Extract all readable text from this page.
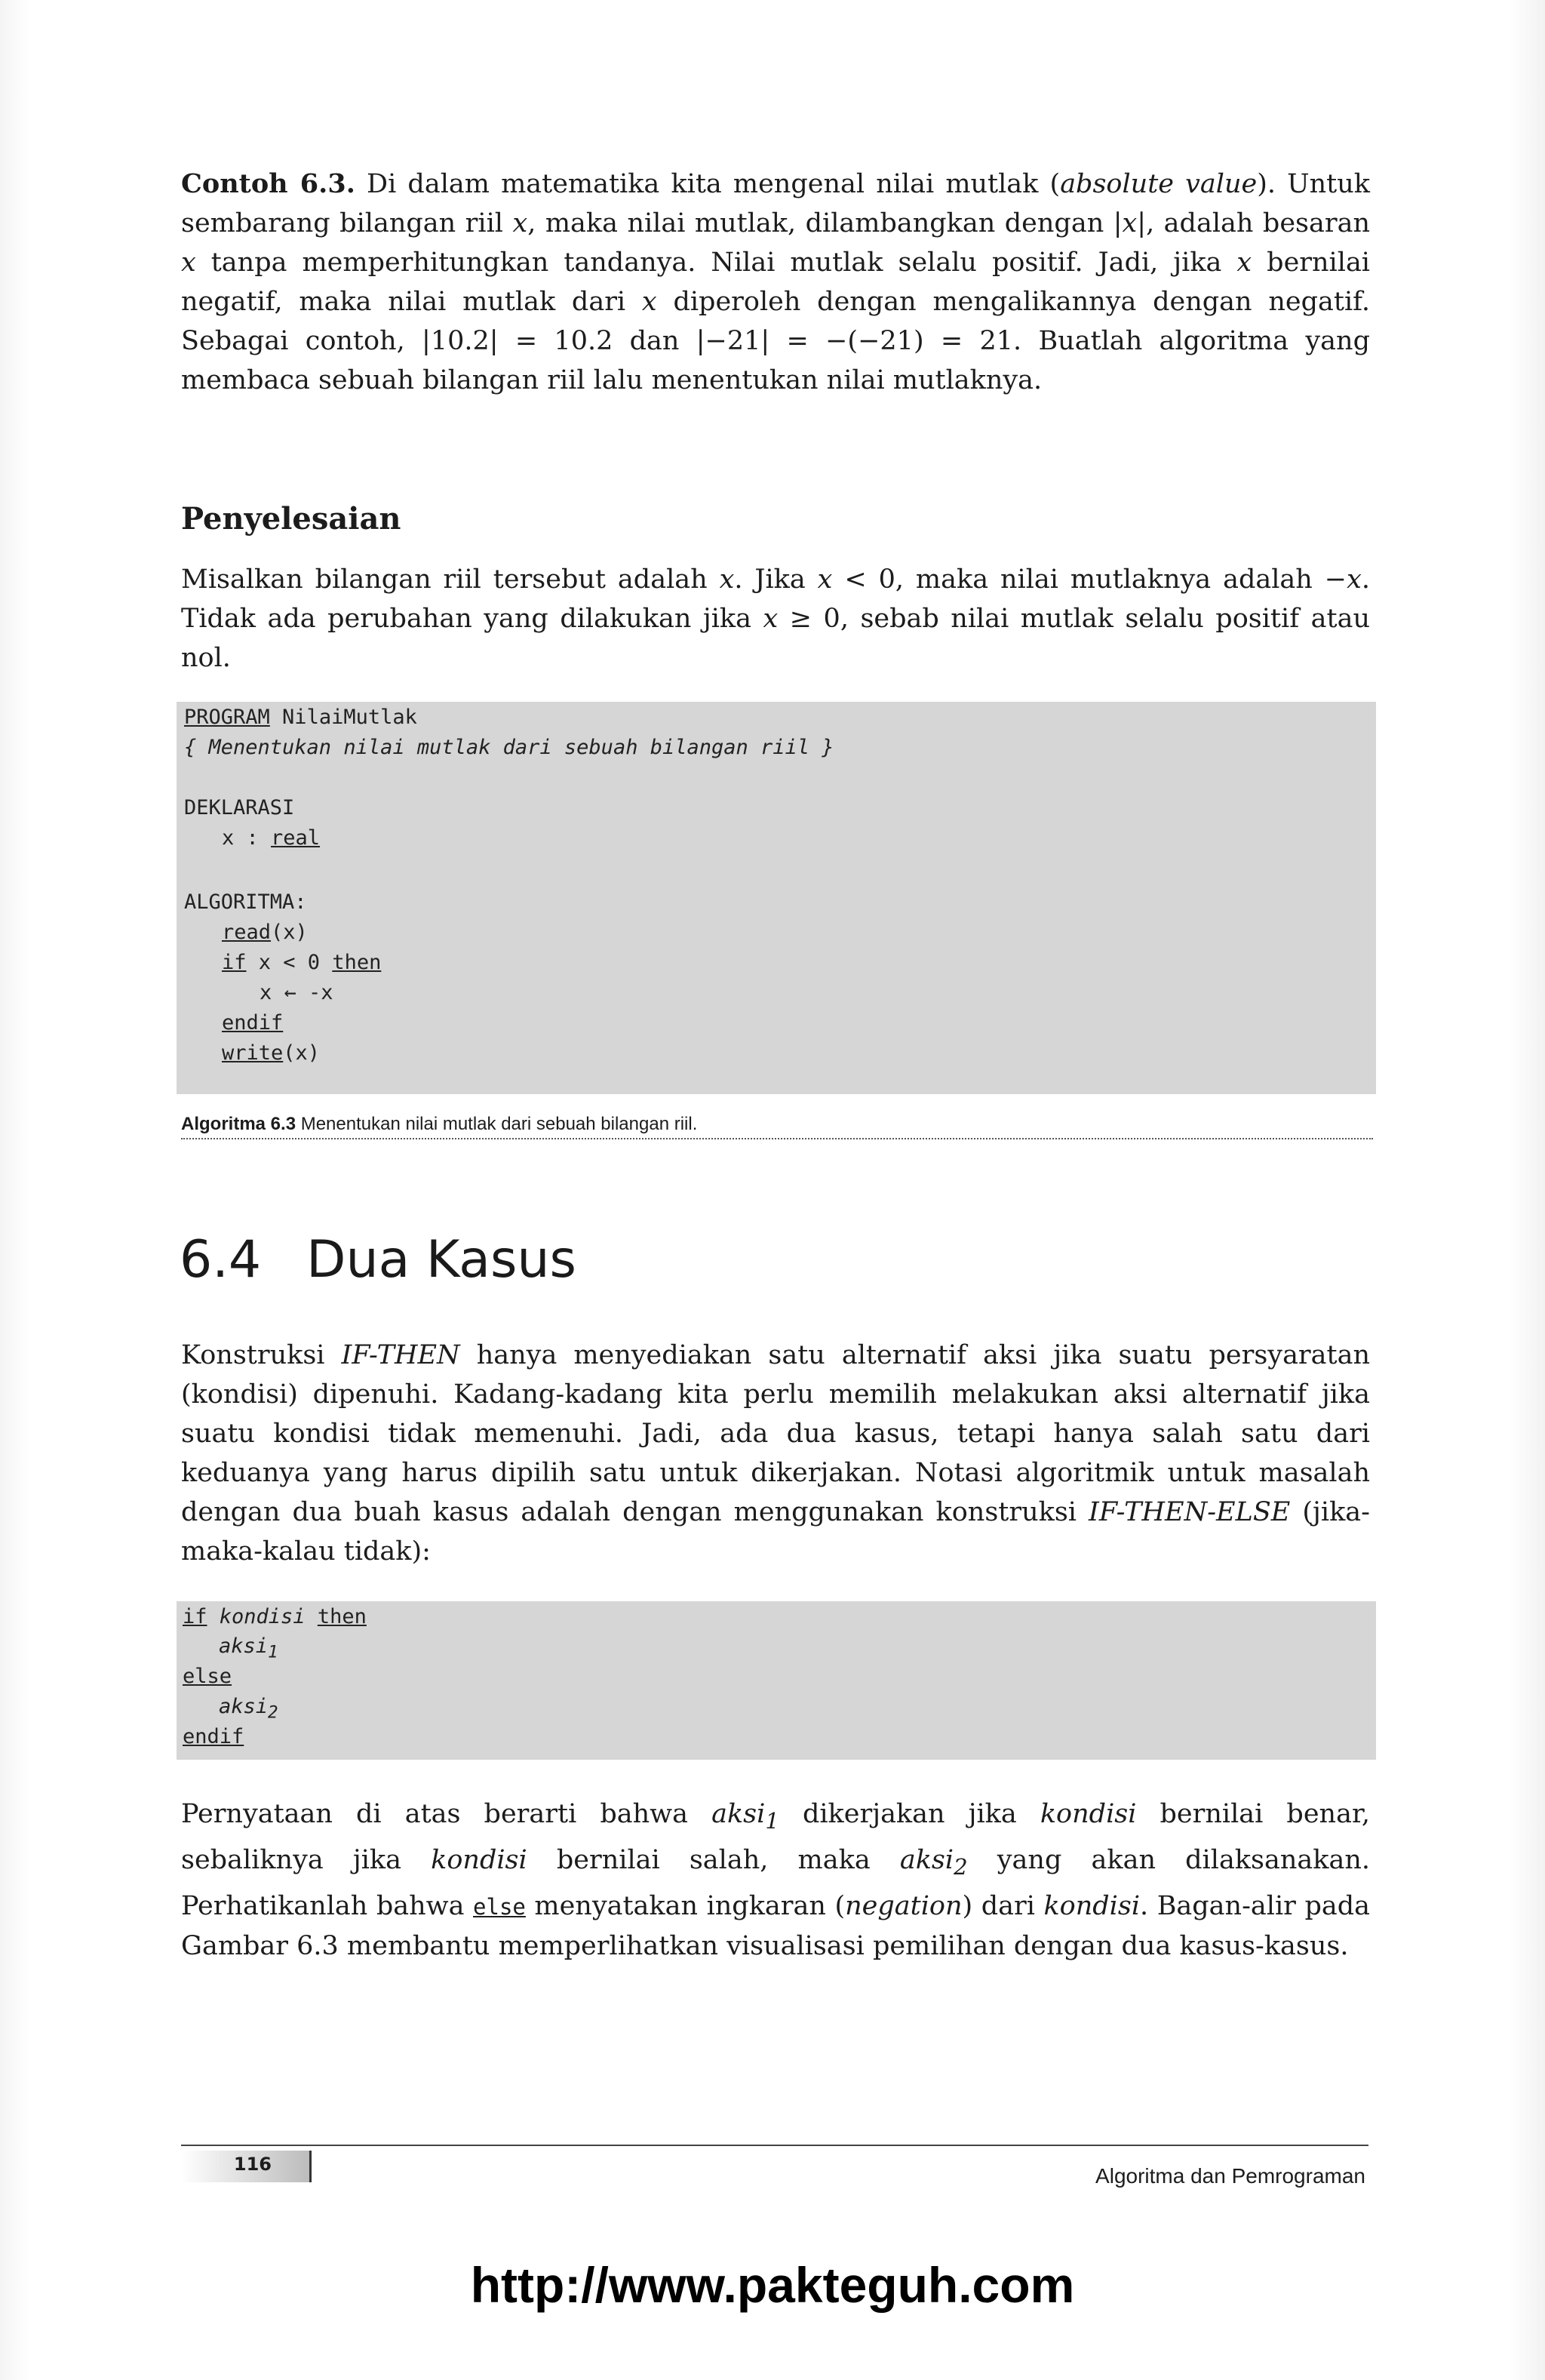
Contoh 6.3. Di dalam matematika kita mengenal nilai mutlak (absolute value). Untuk sembarang bilangan riil x, maka nilai mutlak, dilambangkan dengan |x|, adalah besaran x tanpa memperhitungkan tandanya. Nilai mutlak selalu positif. Jadi, jika x bernilai negatif, maka nilai mutlak dari x diperoleh dengan mengalikannya dengan negatif. Sebagai contoh, |10.2| = 10.2 dan |−21| = −(−21) = 21. Buatlah algoritma yang membaca sebuah bilangan riil lalu menentukan nilai mutlaknya.
Penyelesaian
Misalkan bilangan riil tersebut adalah x. Jika x < 0, maka nilai mutlaknya adalah −x. Tidak ada perubahan yang dilakukan jika x ≥ 0, sebab nilai mutlak selalu positif atau nol.
PROGRAM NilaiMutlak
{ Menentukan nilai mutlak dari sebuah bilangan riil }
DEKLARASI
x : real
ALGORITMA:
read(x)
if x < 0 then
x ← -x
endif
write(x)
Algoritma 6.3 Menentukan nilai mutlak dari sebuah bilangan riil.
6.4 Dua Kasus
Konstruksi IF-THEN hanya menyediakan satu alternatif aksi jika suatu persyaratan (kondisi) dipenuhi. Kadang-kadang kita perlu memilih melakukan aksi alternatif jika suatu kondisi tidak memenuhi. Jadi, ada dua kasus, tetapi hanya salah satu dari keduanya yang harus dipilih satu untuk dikerjakan. Notasi algoritmik untuk masalah dengan dua buah kasus adalah dengan menggunakan konstruksi IF-THEN-ELSE (jika-maka-kalau tidak):
if kondisi then
aksi$_1$
else
aksi$_2$
endif
Pernyataan di atas berarti bahwa aksi$_1$ dikerjakan jika kondisi bernilai benar, sebaliknya jika kondisi bernilai salah, maka aksi$_2$ yang akan dilaksanakan. Perhatikanlah bahwa else menyatakan ingkaran (negation) dari kondisi. Bagan-alir pada Gambar 6.3 membantu memperlihatkan visualisasi pemilihan dengan dua kasus-kasus.
116	Algoritma dan Pemrograman
http://www.pakteguh.com
